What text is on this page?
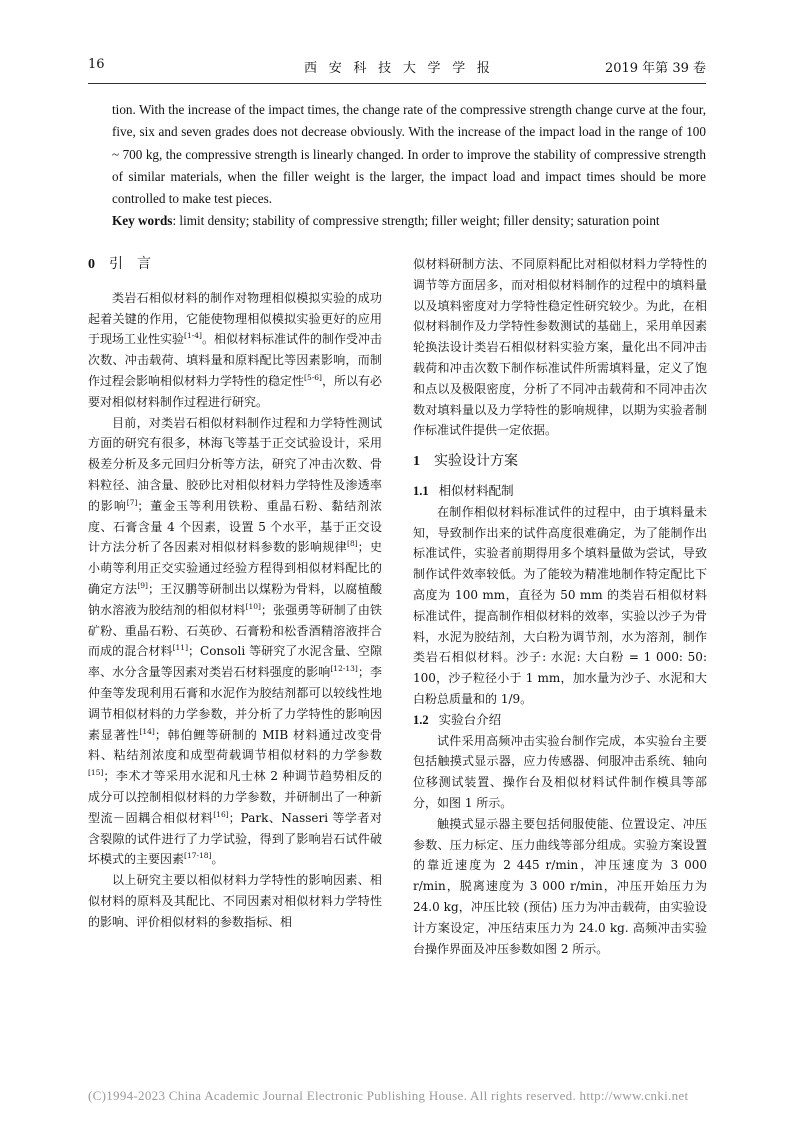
16	西安科技大学学报	2019 年第 39 卷

tion. With the increase of the impact times, the change rate of the compressive strength change curve at the four, five, six and seven grades does not decrease obviously. With the increase of the impact load in the range of 100 ~ 700 kg, the compressive strength is linearly changed. In order to improve the stability of compressive strength of similar materials, when the filler weight is the larger, the impact load and impact times should be more controlled to make test pieces.

Key words: limit density; stability of compressive strength; filler weight; filler density; saturation point

0 引　言

类岩石相似材料的制作对物理相似模拟实验的成功起着关键的作用，它能使物理相似模拟实验更好的应用于现场工业性实验[1-4]。相似材料标准试件的制作受冲击次数、冲击载荷、填料量和原料配比等因素影响，而制作过程会影响相似材料力学特性的稳定性[5-6]，所以有必要对相似材料制作过程进行研究。

目前，对类岩石相似材料制作过程和力学特性测试方面的研究有很多，林海飞等基于正交试验设计，采用极差分析及多元回归分析等方法，研究了冲击次数、骨料粒径、油含量、胶砂比对相似材料力学特性及渗透率的影响[7]；董金玉等利用铁粉、重晶石粉、黏结剂浓度、石膏含量 4 个因素，设置 5 个水平，基于正交设计方法分析了各因素对相似材料参数的影响规律[8]；史小萌等利用正交实验通过经验方程得到相似材料配比的确定方法[9]；王汉鹏等研制出以煤粉为骨料，以腐植酸钠水溶液为胶结剂的相似材料[10]；张强勇等研制了由铁矿粉、重晶石粉、石英砂、石膏粉和松香酒精溶液拌合而成的混合材料[11]；Consoli 等研究了水泥含量、空隙率、水分含量等因素对类岩石材料强度的影响[12-13]；李仲奎等发现利用石膏和水泥作为胶结剂都可以较线性地调节相似材料的力学参数，并分析了力学特性的影响因素显著性[14]；韩伯鲤等研制的 MIB 材料通过改变骨料、粘结剂浓度和成型荷载调节相似材料的力学参数[15]；李术才等采用水泥和凡士林 2 种调节趋势相反的成分可以控制相似材料的力学参数，并研制出了一种新型流－固耦合相似材料[16]；Park、Nasseri 等学者对含裂隙的试件进行了力学试验，得到了影响岩石试件破坏模式的主要因素[17-18]。

以上研究主要以相似材料力学特性的影响因素、相似材料的原料及其配比、不同因素对相似材料力学特性的影响、评价相似材料的参数指标、相

似材料研制方法、不同原料配比对相似材料力学特性的调节等方面居多，而对相似材料制作的过程中的填料量以及填料密度对力学特性稳定性研究较少。为此，在相似材料制作及力学特性参数测试的基础上，采用单因素轮换法设计类岩石相似材料实验方案，量化出不同冲击载荷和冲击次数下制作标准试件所需填料量，定义了饱和点以及极限密度，分析了不同冲击载荷和不同冲击次数对填料量以及力学特性的影响规律，以期为实验者制作标准试件提供一定依据。

1 实验设计方案

1.1 相似材料配制

在制作相似材料标准试件的过程中，由于填料量未知，导致制作出来的试件高度很难确定，为了能制作出标准试件，实验者前期得用多个填料量做为尝试，导致制作试件效率较低。为了能较为精准地制作特定配比下高度为 100 mm，直径为 50 mm 的类岩石相似材料标准试件，提高制作相似材料的效率，实验以沙子为骨料，水泥为胶结剂，大白粉为调节剂，水为溶剂，制作类岩石相似材料。沙子: 水泥: 大白粉 = 1 000: 50: 100，沙子粒径小于 1 mm，加水量为沙子、水泥和大白粉总质量和的 1/9。

1.2 实验台介绍

试件采用高频冲击实验台制作完成，本实验台主要包括触摸式显示器，应力传感器、伺服冲击系统、轴向位移测试装置、操作台及相似材料试件制作模具等部分，如图 1 所示。

触摸式显示器主要包括伺服使能、位置设定、冲压参数、压力标定、压力曲线等部分组成。实验方案设置的靠近速度为 2 445 r/min，冲压速度为 3 000 r/min，脱离速度为 3 000 r/min，冲压开始压力为 24.0 kg，冲压比较 (预估) 压力为冲击载荷，由实验设计方案设定，冲压结束压力为 24.0 kg. 高频冲击实验台操作界面及冲压参数如图 2 所示。

(C)1994-2023 China Academic Journal Electronic Publishing House. All rights reserved. http://www.cnki.net
